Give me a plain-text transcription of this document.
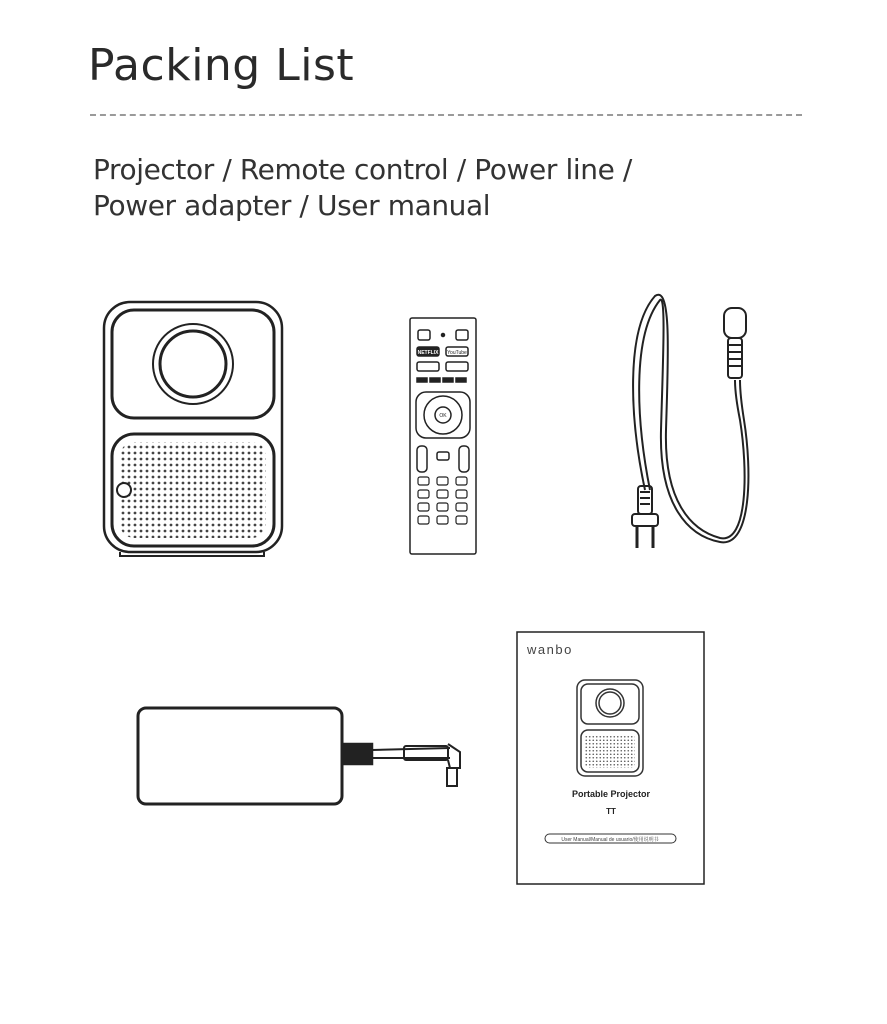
Packing List
Projector / Remote control / Power line /
Power adapter / User manual
NETFLIX YouTube
OK
wanbo
Portable Projector
TT
User Manual/Manual de usuario/使用说明书
